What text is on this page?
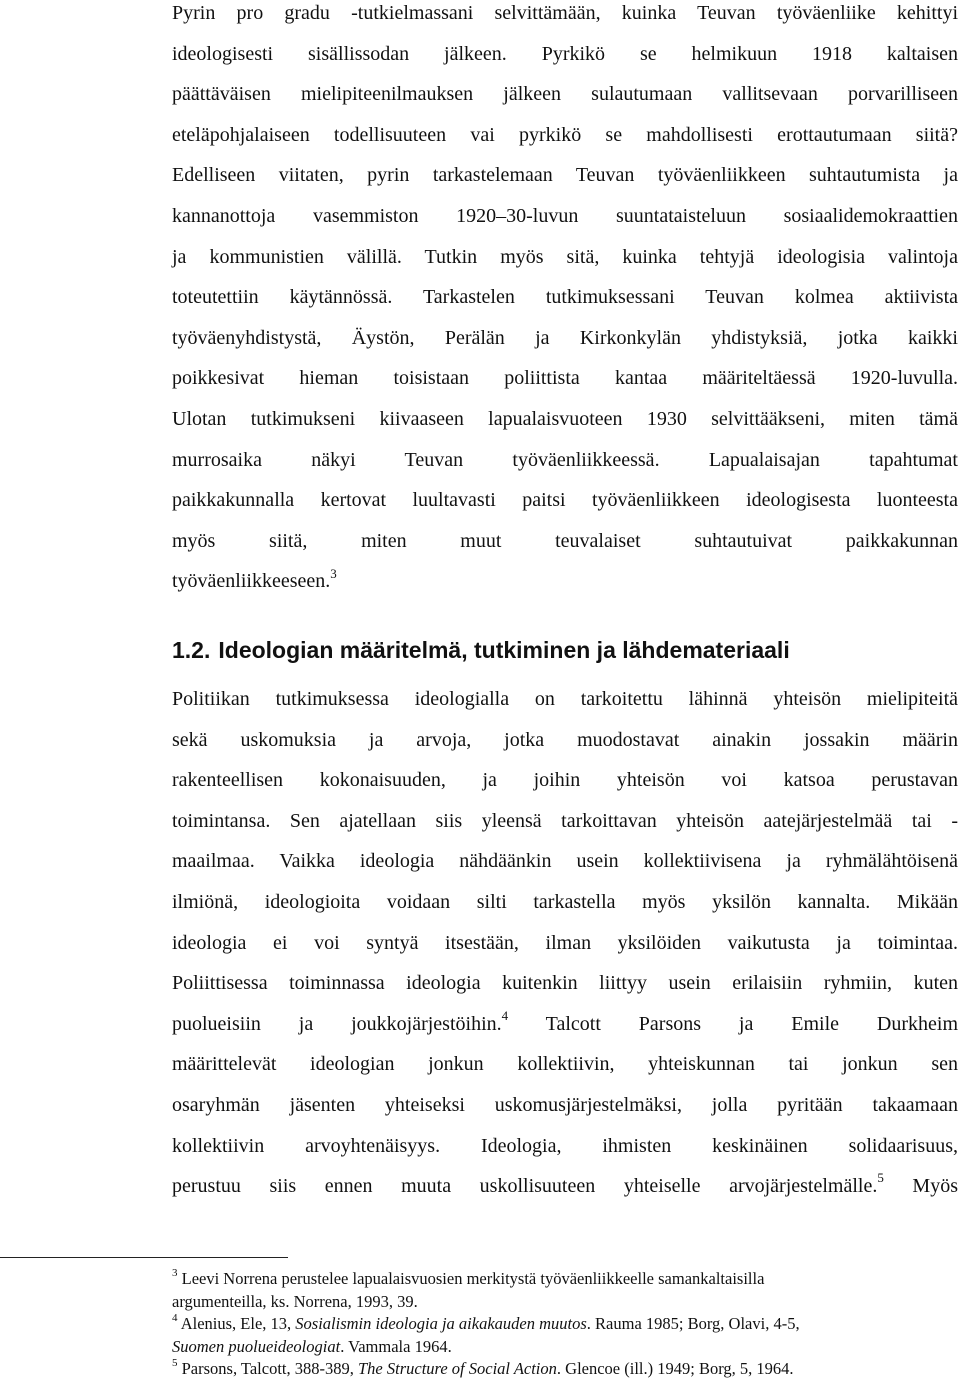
Pyrin pro gradu -tutkielmassani selvittämään, kuinka Teuvan työväenliike kehittyi
ideologisesti sisällissodan jälkeen. Pyrkikö se helmikuun 1918 kaltaisen
päättäväisen mielipiteenilmauksen jälkeen sulautumaan vallitsevaan porvarilliseen
eteläpohjalaiseen todellisuuteen vai pyrkikö se mahdollisesti erottautumaan siitä?
Edelliseen viitaten, pyrin tarkastelemaan Teuvan työväenliikkeen suhtautumista ja
kannanottoja vasemmiston 1920–30-luvun suuntataisteluun sosiaalidemokraattien
ja kommunistien välillä. Tutkin myös sitä, kuinka tehtyjä ideologisia valintoja
toteutettiin käytännössä. Tarkastelen tutkimuksessani Teuvan kolmea aktiivista
työväenyhdistystä, Äystön, Perälän ja Kirkonkylän yhdistyksiä, jotka kaikki
poikkesivat hieman toisistaan poliittista kantaa määriteltäessä 1920-luvulla.
Ulotan tutkimukseni kiivaaseen lapualaisvuoteen 1930 selvittääkseni, miten tämä
murrosaika näkyi Teuvan työväenliikkeessä. Lapualaisajan tapahtumat
paikkakunnalla kertovat luultavasti paitsi työväenliikkeen ideologisesta luonteesta
myös siitä, miten muut teuvalaiset suhtautuivat paikkakunnan
työväenliikkeeseen.$^3$
1.2. Ideologian määritelmä, tutkiminen ja lähdemateriaali
Politiikan tutkimuksessa ideologialla on tarkoitettu lähinnä yhteisön mielipiteitä
sekä uskomuksia ja arvoja, jotka muodostavat ainakin jossakin määrin
rakenteellisen kokonaisuuden, ja joihin yhteisön voi katsoa perustavan
toimintansa. Sen ajatellaan siis yleensä tarkoittavan yhteisön aatejärjestelmää tai -
maailmaa. Vaikka ideologia nähdäänkin usein kollektiivisena ja ryhmälähtöisenä
ilmiönä, ideologioita voidaan silti tarkastella myös yksilön kannalta. Mikään
ideologia ei voi syntyä itsestään, ilman yksilöiden vaikutusta ja toimintaa.
Poliittisessa toiminnassa ideologia kuitenkin liittyy usein erilaisiin ryhmiin, kuten
puolueisiin ja joukkojärjestöihin.$^4$ Talcott Parsons ja Emile Durkheim
määrittelevät ideologian jonkun kollektiivin, yhteiskunnan tai jonkun sen
osaryhmän jäsenten yhteiseksi uskomusjärjestelmäksi, jolla pyritään takaamaan
kollektiivin arvoyhtenäisyys. Ideologia, ihmisten keskinäinen solidaarisuus,
perustuu siis ennen muuta uskollisuuteen yhteiselle arvojärjestelmälle.$^5$ Myös

$^3$ Leevi Norrena perustelee lapualaisvuosien merkitystä työväenliikkeelle samankaltaisilla
argumenteilla, ks. Norrena, 1993, 39.

$^4$ Alenius, Ele, 13, Sosialismin ideologia ja aikakauden muutos. Rauma 1985; Borg, Olavi, 4-5,
Suomen puolueideologiat. Vammala 1964.

$^5$ Parsons, Talcott, 388-389, The Structure of Social Action. Glencoe (ill.) 1949; Borg, 5, 1964.
